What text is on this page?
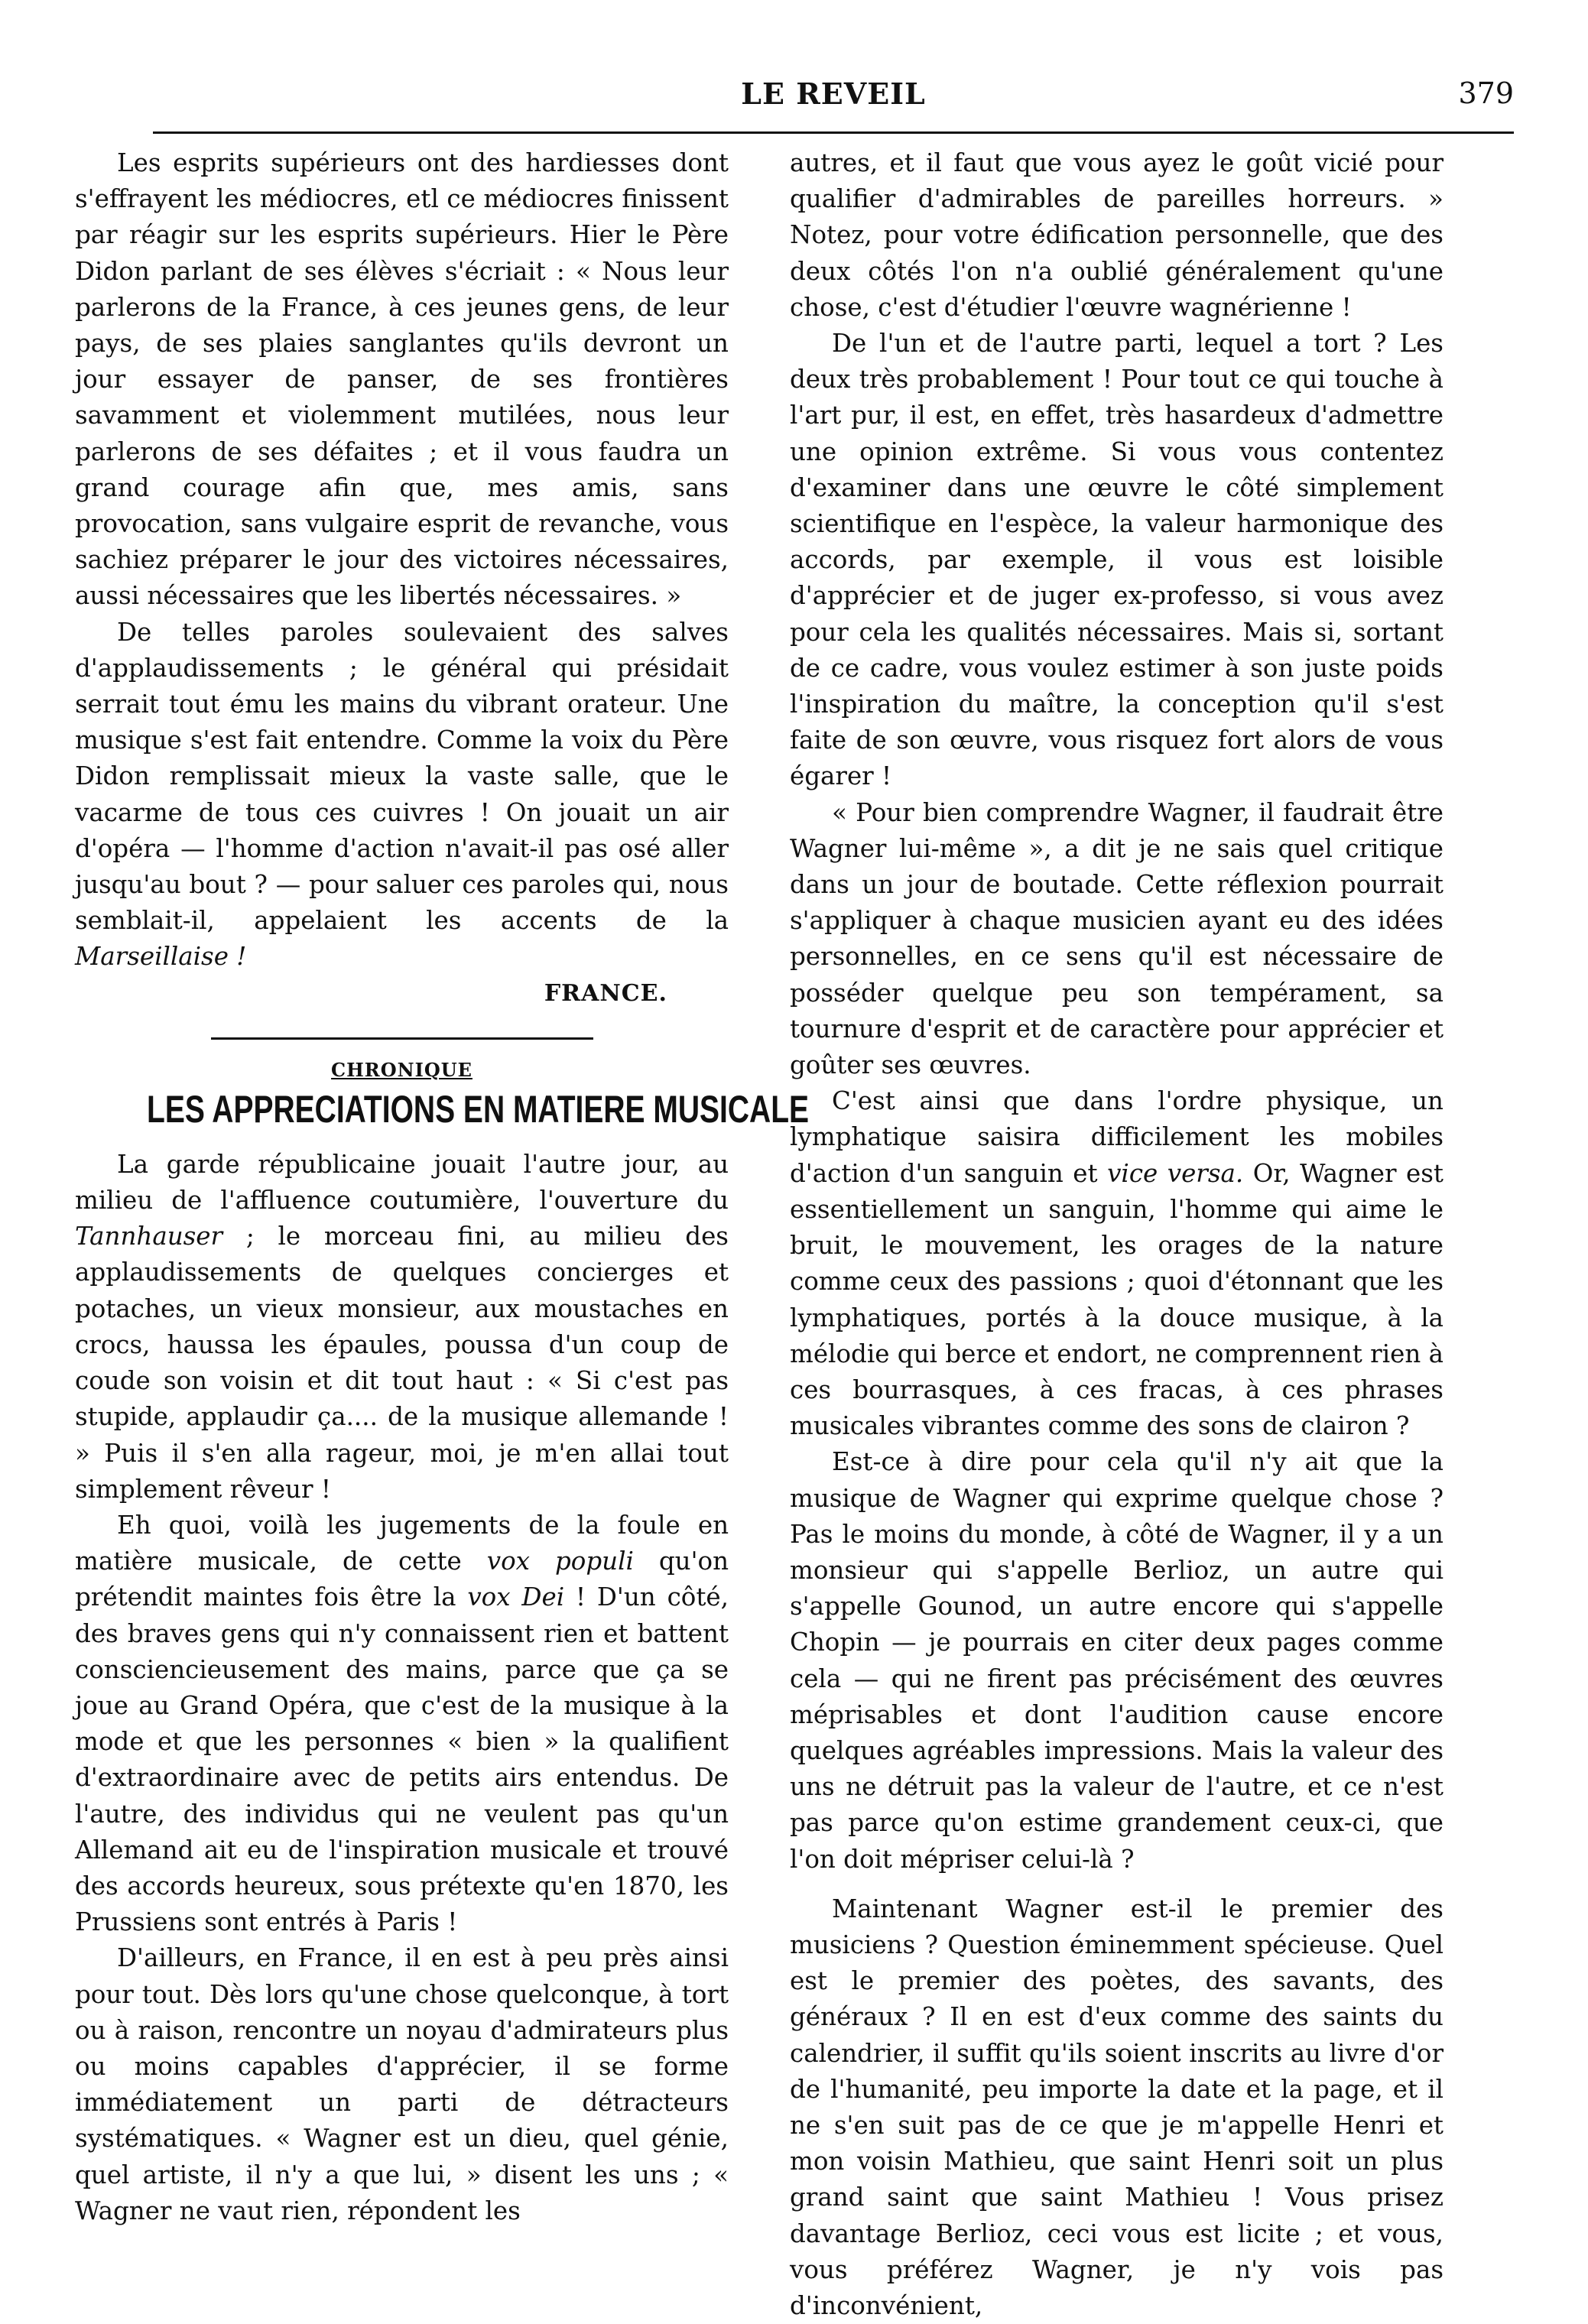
LE REVEIL	379

Les esprits supérieurs ont des hardiesses dont s'effrayent les médiocres, etl ce médiocres finissent par réagir sur les esprits supérieurs. Hier le Père Didon parlant de ses élèves s'écriait : « Nous leur parlerons de la France, à ces jeunes gens, de leur pays, de ses plaies sanglantes qu'ils devront un jour essayer de panser, de ses frontières savamment et violemment mutilées, nous leur parlerons de ses défaites ; et il vous faudra un grand courage afin que, mes amis, sans provocation, sans vulgaire esprit de revanche, vous sachiez préparer le jour des victoires nécessaires, aussi nécessaires que les libertés nécessaires. »

De telles paroles soulevaient des salves d'applaudissements ; le général qui présidait serrait tout ému les mains du vibrant orateur. Une musique s'est fait entendre. Comme la voix du Père Didon remplissait mieux la vaste salle, que le vacarme de tous ces cuivres ! On jouait un air d'opéra — l'homme d'action n'avait-il pas osé aller jusqu'au bout ? — pour saluer ces paroles qui, nous semblait-il, appelaient les accents de la Marseillaise !

FRANCE.
CHRONIQUE
LES APPRECIATIONS EN MATIERE MUSICALE

La garde républicaine jouait l'autre jour, au milieu de l'affluence coutumière, l'ouverture du Tannhauser ; le morceau fini, au milieu des applaudissements de quelques concierges et potaches, un vieux monsieur, aux moustaches en crocs, haussa les épaules, poussa d'un coup de coude son voisin et dit tout haut : « Si c'est pas stupide, applaudir ça.... de la musique allemande ! » Puis il s'en alla rageur, moi, je m'en allai tout simplement rêveur !

Eh quoi, voilà les jugements de la foule en matière musicale, de cette vox populi qu'on prétendit maintes fois être la vox Dei ! D'un côté, des braves gens qui n'y connaissent rien et battent consciencieusement des mains, parce que ça se joue au Grand Opéra, que c'est de la musique à la mode et que les personnes « bien » la qualifient d'extraordinaire avec de petits airs entendus. De l'autre, des individus qui ne veulent pas qu'un Allemand ait eu de l'inspiration musicale et trouvé des accords heureux, sous prétexte qu'en 1870, les Prussiens sont entrés à Paris !

D'ailleurs, en France, il en est à peu près ainsi pour tout. Dès lors qu'une chose quelconque, à tort ou à raison, rencontre un noyau d'admirateurs plus ou moins capables d'apprécier, il se forme immédiatement un parti de détracteurs systématiques. « Wagner est un dieu, quel génie, quel artiste, il n'y a que lui, » disent les uns ; « Wagner ne vaut rien, répondent les

autres, et il faut que vous ayez le goût vicié pour qualifier d'admirables de pareilles horreurs. » Notez, pour votre édification personnelle, que des deux côtés l'on n'a oublié généralement qu'une chose, c'est d'étudier l'œuvre wagnérienne !

De l'un et de l'autre parti, lequel a tort ? Les deux très probablement ! Pour tout ce qui touche à l'art pur, il est, en effet, très hasardeux d'admettre une opinion extrême. Si vous vous contentez d'examiner dans une œuvre le côté simplement scientifique en l'espèce, la valeur harmonique des accords, par exemple, il vous est loisible d'apprécier et de juger ex-professo, si vous avez pour cela les qualités nécessaires. Mais si, sortant de ce cadre, vous voulez estimer à son juste poids l'inspiration du maître, la conception qu'il s'est faite de son œuvre, vous risquez fort alors de vous égarer !

« Pour bien comprendre Wagner, il faudrait être Wagner lui-même », a dit je ne sais quel critique dans un jour de boutade. Cette réflexion pourrait s'appliquer à chaque musicien ayant eu des idées personnelles, en ce sens qu'il est nécessaire de posséder quelque peu son tempérament, sa tournure d'esprit et de caractère pour apprécier et goûter ses œuvres.

C'est ainsi que dans l'ordre physique, un lymphatique saisira difficilement les mobiles d'action d'un sanguin et vice versa. Or, Wagner est essentiellement un sanguin, l'homme qui aime le bruit, le mouvement, les orages de la nature comme ceux des passions ; quoi d'étonnant que les lymphatiques, portés à la douce musique, à la mélodie qui berce et endort, ne comprennent rien à ces bourrasques, à ces fracas, à ces phrases musicales vibrantes comme des sons de clairon ?

Est-ce à dire pour cela qu'il n'y ait que la musique de Wagner qui exprime quelque chose ? Pas le moins du monde, à côté de Wagner, il y a un monsieur qui s'appelle Berlioz, un autre qui s'appelle Gounod, un autre encore qui s'appelle Chopin — je pourrais en citer deux pages comme cela — qui ne firent pas précisément des œuvres méprisables et dont l'audition cause encore quelques agréables impressions. Mais la valeur des uns ne détruit pas la valeur de l'autre, et ce n'est pas parce qu'on estime grandement ceux-ci, que l'on doit mépriser celui-là ?

Maintenant Wagner est-il le premier des musiciens ? Question éminemment spécieuse. Quel est le premier des poètes, des savants, des généraux ? Il en est d'eux comme des saints du calendrier, il suffit qu'ils soient inscrits au livre d'or de l'humanité, peu importe la date et la page, et il ne s'en suit pas de ce que je m'appelle Henri et mon voisin Mathieu, que saint Henri soit un plus grand saint que saint Mathieu ! Vous prisez davantage Berlioz, ceci vous est licite ; et vous, vous préférez Wagner, je n'y vois pas d'inconvénient,
